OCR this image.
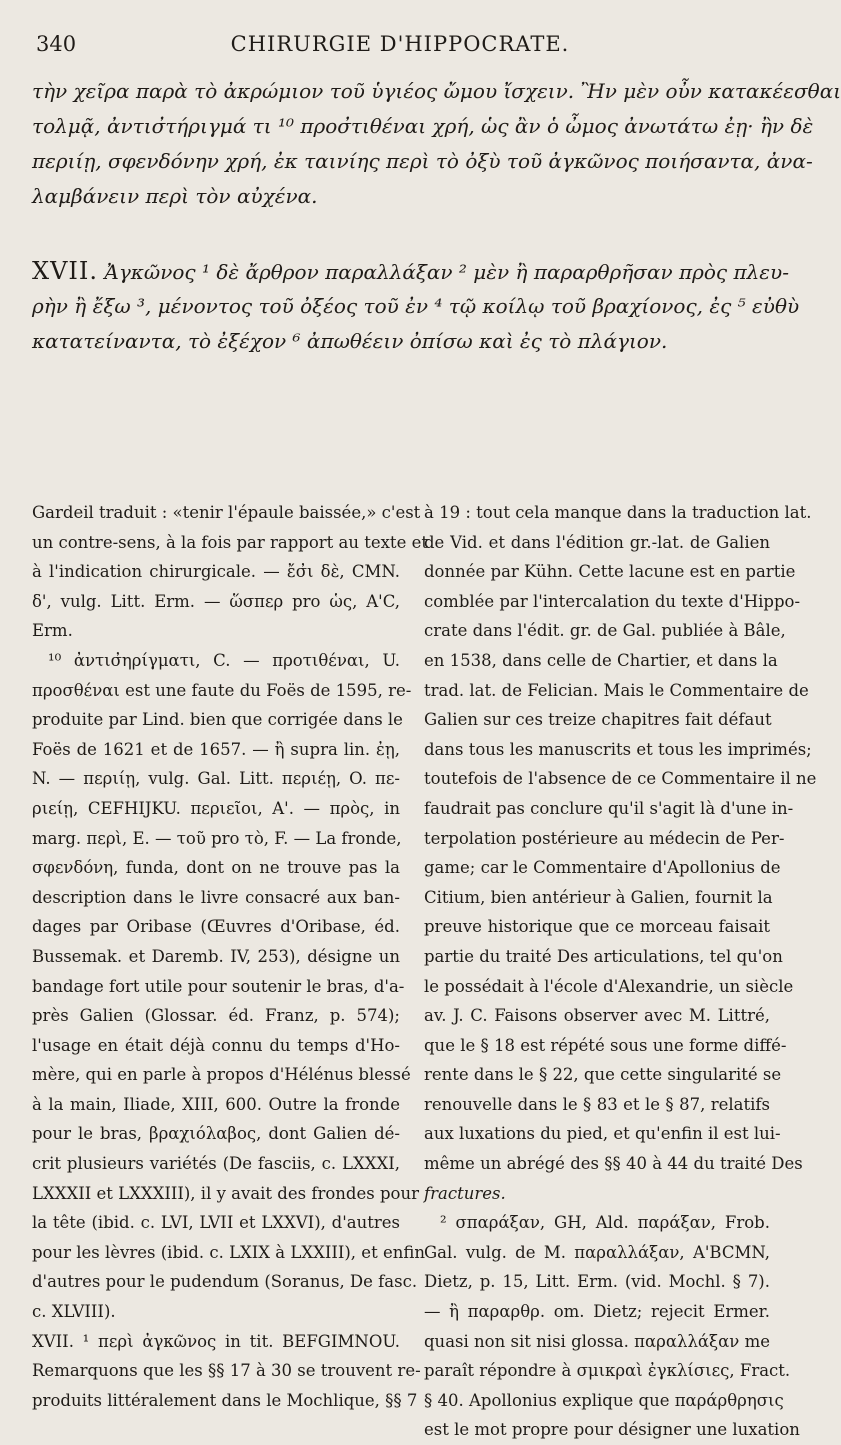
340	CHIRURGIE D'HIPPOCRATE.
τὴν χεῖρα παρὰ τὸ ἀκρώμιον τοῦ ὑγιέος ὤμου ἴσχειν. Ἢν μὲν οὖν κατακέεσθαι
τολμᾷ, ἀντισ̓τήριγμά τι ¹⁰ προσ̓τιθέναι χρή, ὡς ἂν ὁ ὦμος ἀνωτάτω ἐῃ· ἢν δὲ
περιίῃ, σφενδόνην χρή, ἐκ ταινίης περὶ τὸ ὀξὺ τοῦ ἀγκῶνος ποιήσαντα, ἀνα-
λαμβάνειν περὶ τὸν αὐχένα.
XVII. Ἀγκῶνος ¹ δὲ ἄρθρον παραλλάξαν ² μὲν ἢ παραρθρῆσαν πρὸς πλευ-
ρὴν ἢ ἔξω ³, μένοντος τοῦ ὀξέος τοῦ ἐν ⁴ τῷ κοίλῳ τοῦ βραχίονος, ἐς ⁵ εὐθὺ
κατατείναντα, τὸ ἐξέχον ⁶ ἀπωθέειν ὀπίσω καὶ ἐς τὸ πλάγιον.
Gardeil traduit : «tenir l'épaule baissée,» c'est
un contre-sens, à la fois par rapport au texte et
à l'indication chirurgicale. — ἔσ̓ι δὲ, CMN.
δ', vulg. Litt. Erm. — ὥσπερ pro ὡς, A'C,
Erm.
¹⁰ ἀντισ̓ηρίγματι, C. — προτιθέναι, U.
προσθέναι est une faute du Foës de 1595, re-
produite par Lind. bien que corrigée dans le
Foës de 1621 et de 1657. — ἢ supra lin. ἐῃ,
N. — περιίῃ, vulg. Gal. Litt. περιέῃ, O. πε-
ριείῃ, CEFHIJKU. περιεῖοι, A'. — πρὸς, in
marg. περὶ, E. — τοῦ pro τὸ, F. — La fronde,
σφενδόνη, funda, dont on ne trouve pas la
description dans le livre consacré aux ban-
dages par Oribase (Œuvres d'Oribase, éd.
Bussemak. et Daremb. IV, 253), désigne un
bandage fort utile pour soutenir le bras, d'a-
près Galien (Glossar. éd. Franz, p. 574);
l'usage en était déjà connu du temps d'Ho-
mère, qui en parle à propos d'Hélénus blessé
à la main, Iliade, XIII, 600. Outre la fronde
pour le bras, βραχιόλαβος, dont Galien dé-
crit plusieurs variétés (De fasciis, c. LXXXI,
LXXXII et LXXXIII), il y avait des frondes pour
la tête (ibid. c. LVI, LVII et LXXVI), d'autres
pour les lèvres (ibid. c. LXIX à LXXIII), et enfin
d'autres pour le pudendum (Soranus, De fasc.
c. XLVIII).
XVII. ¹ περὶ ἀγκῶνος in tit. BEFGIMNOU.
Remarquons que les §§ 17 à 30 se trouvent re-
produits littéralement dans le Mochlique, §§ 7
à 19 : tout cela manque dans la traduction lat.
de Vid. et dans l'édition gr.-lat. de Galien
donnée par Kühn. Cette lacune est en partie
comblée par l'intercalation du texte d'Hippo-
crate dans l'édit. gr. de Gal. publiée à Bâle,
en 1538, dans celle de Chartier, et dans la
trad. lat. de Felician. Mais le Commentaire de
Galien sur ces treize chapitres fait défaut
dans tous les manuscrits et tous les imprimés;
toutefois de l'absence de ce Commentaire il ne
faudrait pas conclure qu'il s'agit là d'une in-
terpolation postérieure au médecin de Per-
game; car le Commentaire d'Apollonius de
Citium, bien antérieur à Galien, fournit la
preuve historique que ce morceau faisait
partie du traité Des articulations, tel qu'on
le possédait à l'école d'Alexandrie, un siècle
av. J. C. Faisons observer avec M. Littré,
que le § 18 est répété sous une forme diffé-
rente dans le § 22, que cette singularité se
renouvelle dans le § 83 et le § 87, relatifs
aux luxations du pied, et qu'enfin il est lui-
même un abrégé des §§ 40 à 44 du traité Des
fractures.
² σπαράξαν, GH, Ald. παράξαν, Frob.
Gal. vulg. de M. παραλλάξαν, A'BCMN,
Dietz, p. 15, Litt. Erm. (vid. Mochl. § 7).
— ἢ παραρθρ. om. Dietz; rejecit Ermer.
quasi non sit nisi glossa. παραλλάξαν me
paraît répondre à σμικραὶ ἐγκλίσιες, Fract.
§ 40. Apollonius explique que παράρθρησις
est le mot propre pour désigner une luxation
